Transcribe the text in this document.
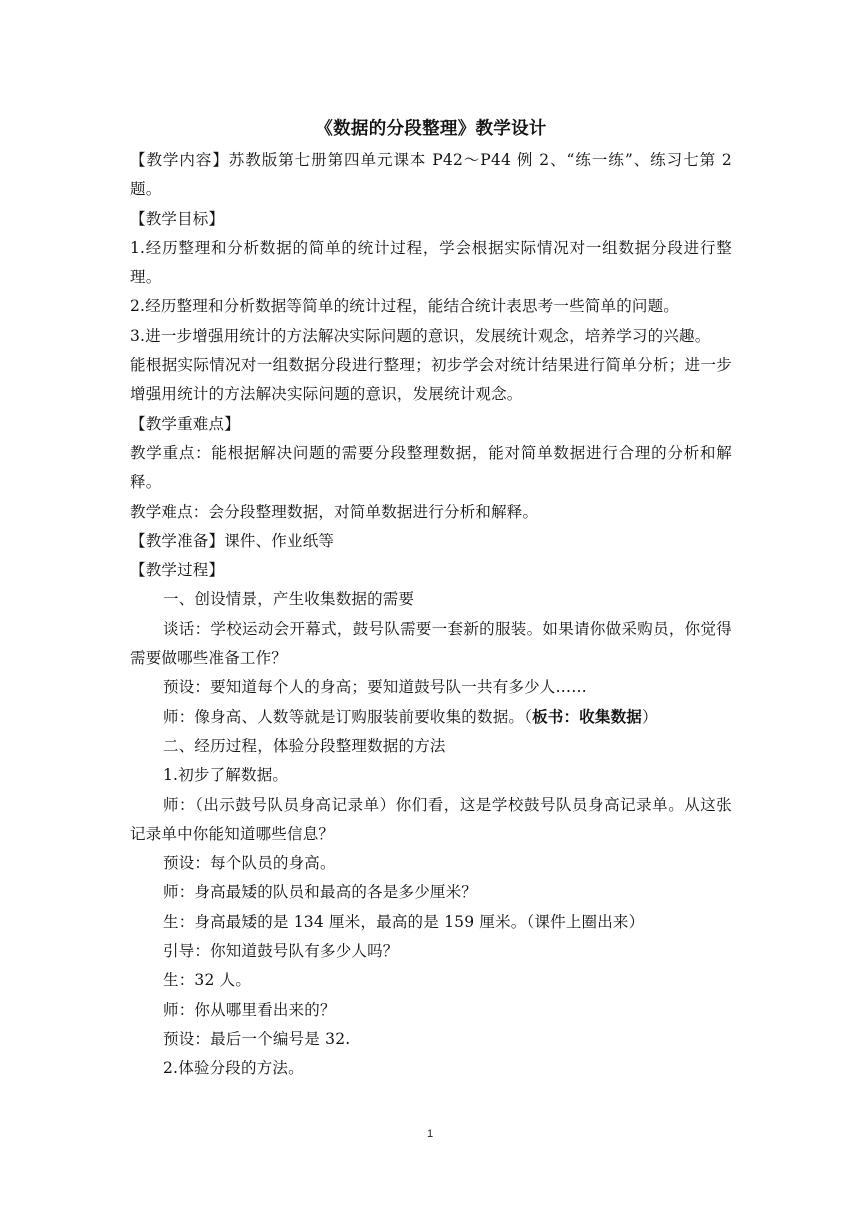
《数据的分段整理》教学设计

【教学内容】苏教版第七册第四单元课本 P42～P44 例 2、“练一练”、练习七第 2 题。

【教学目标】

1.经历整理和分析数据的简单的统计过程，学会根据实际情况对一组数据分段进行整理。

2.经历整理和分析数据等简单的统计过程，能结合统计表思考一些简单的问题。

3.进一步增强用统计的方法解决实际问题的意识，发展统计观念，培养学习的兴趣。

能根据实际情况对一组数据分段进行整理；初步学会对统计结果进行简单分析；进一步增强用统计的方法解决实际问题的意识，发展统计观念。

【教学重难点】

教学重点：能根据解决问题的需要分段整理数据，能对简单数据进行合理的分析和解释。

教学难点：会分段整理数据，对简单数据进行分析和解释。

【教学准备】课件、作业纸等

【教学过程】

一、创设情景，产生收集数据的需要

谈话：学校运动会开幕式，鼓号队需要一套新的服装。如果请你做采购员，你觉得需要做哪些准备工作？

预设：要知道每个人的身高；要知道鼓号队一共有多少人……

师：像身高、人数等就是订购服装前要收集的数据。（板书：收集数据）

二、经历过程，体验分段整理数据的方法

1.初步了解数据。

师：（出示鼓号队员身高记录单）你们看，这是学校鼓号队员身高记录单。从这张记录单中你能知道哪些信息？

预设：每个队员的身高。

师：身高最矮的队员和最高的各是多少厘米？

生：身高最矮的是 134 厘米，最高的是 159 厘米。（课件上圈出来）

引导：你知道鼓号队有多少人吗？

生：32 人。

师：你从哪里看出来的？

预设：最后一个编号是 32.

2.体验分段的方法。

1
